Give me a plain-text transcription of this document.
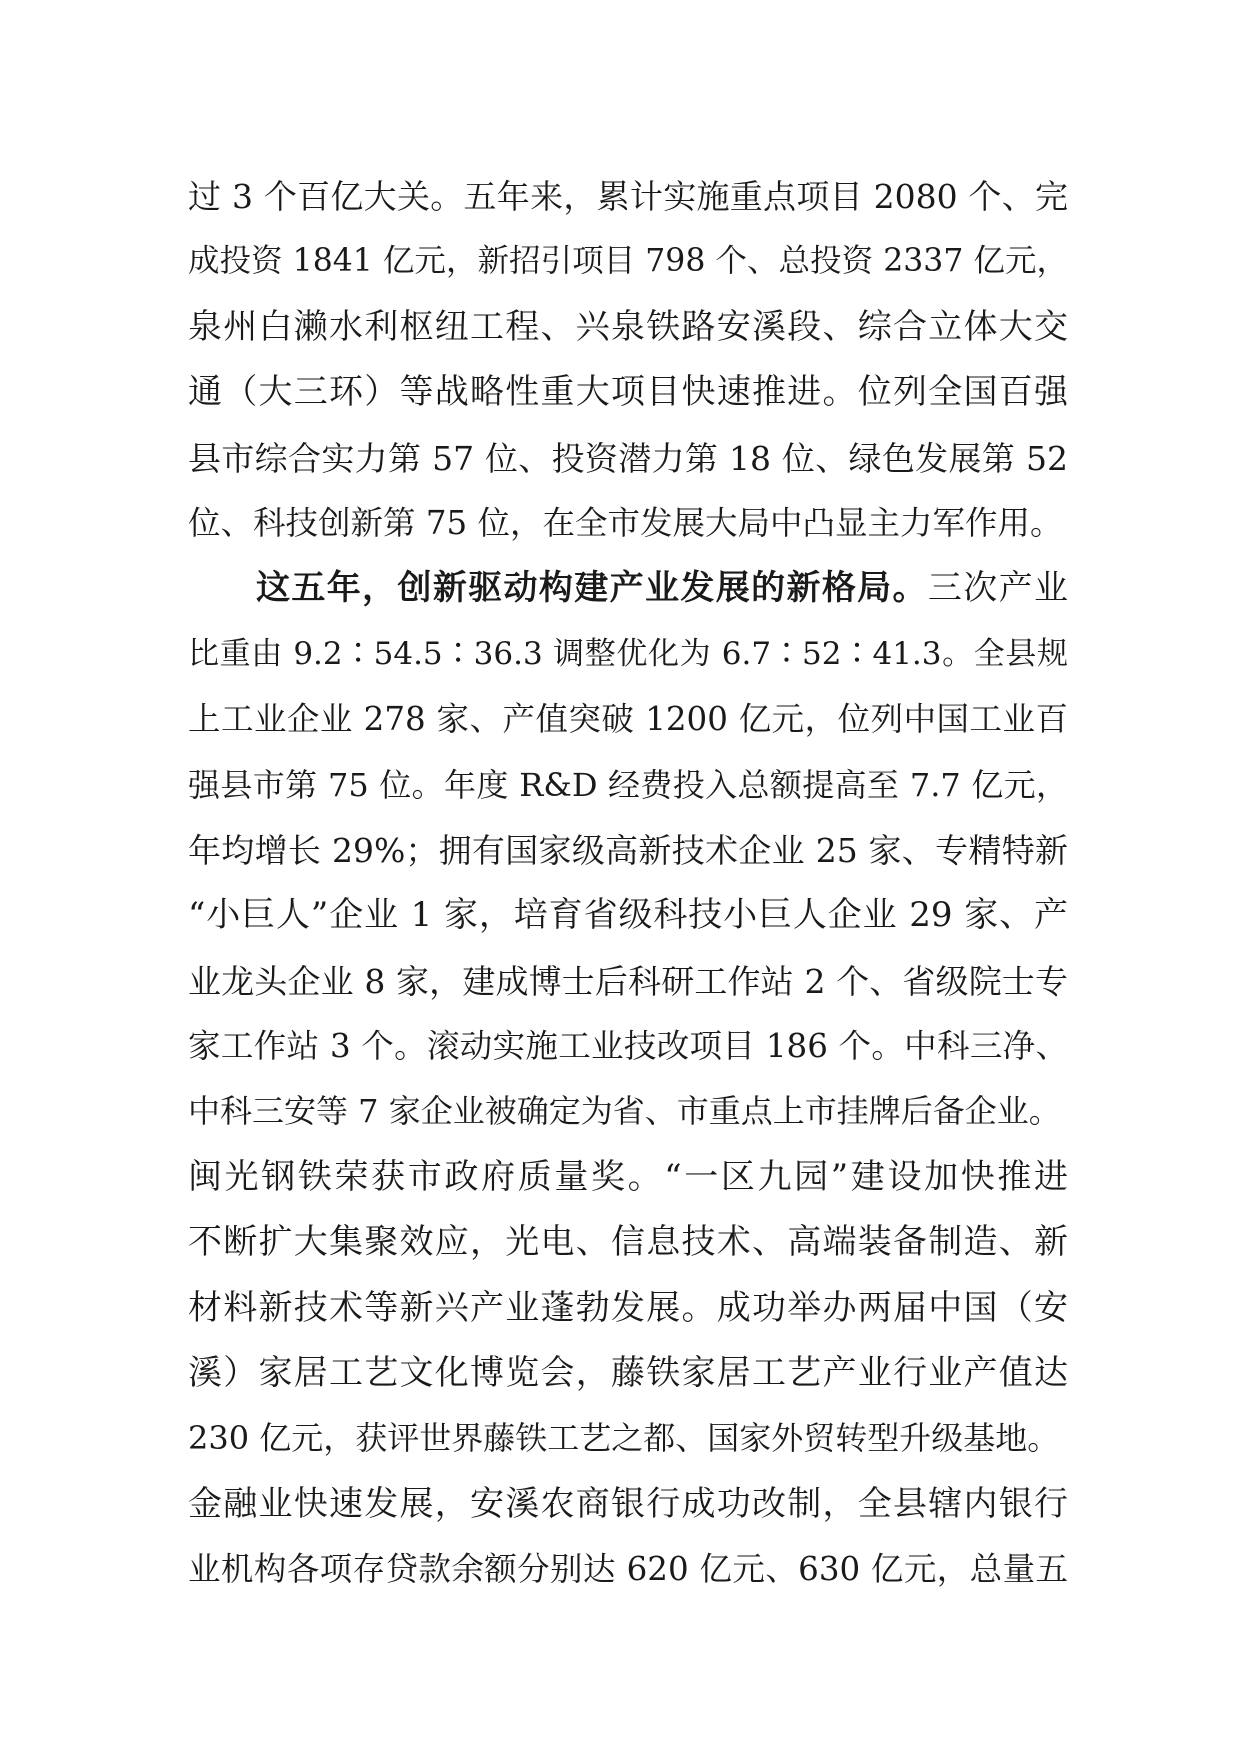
过 3 个百亿大关。五年来，累计实施重点项目 2080 个、完
成投资 1841 亿元，新招引项目 798 个、总投资 2337 亿元，
泉州白濑水利枢纽工程、兴泉铁路安溪段、综合立体大交
通（大三环）等战略性重大项目快速推进。位列全国百强
县市综合实力第 57 位、投资潜力第 18 位、绿色发展第 52
位、科技创新第 75 位，在全市发展大局中凸显主力军作用。
这五年，创新驱动构建产业发展的新格局。三次产业
比重由 9.2∶54.5∶36.3 调整优化为 6.7∶52∶41.3。全县规
上工业企业 278 家、产值突破 1200 亿元，位列中国工业百
强县市第 75 位。年度 R&D 经费投入总额提高至 7.7 亿元，
年均增长 29%；拥有国家级高新技术企业 25 家、专精特新
“小巨人”企业 1 家，培育省级科技小巨人企业 29 家、产
业龙头企业 8 家，建成博士后科研工作站 2 个、省级院士专
家工作站 3 个。滚动实施工业技改项目 186 个。中科三净、
中科三安等 7 家企业被确定为省、市重点上市挂牌后备企业。
闽光钢铁荣获市政府质量奖。“一区九园”建设加快推进
不断扩大集聚效应，光电、信息技术、高端装备制造、新
材料新技术等新兴产业蓬勃发展。成功举办两届中国（安
溪）家居工艺文化博览会，藤铁家居工艺产业行业产值达
230 亿元，获评世界藤铁工艺之都、国家外贸转型升级基地。
金融业快速发展，安溪农商银行成功改制，全县辖内银行
业机构各项存贷款余额分别达 620 亿元、630 亿元，总量五
